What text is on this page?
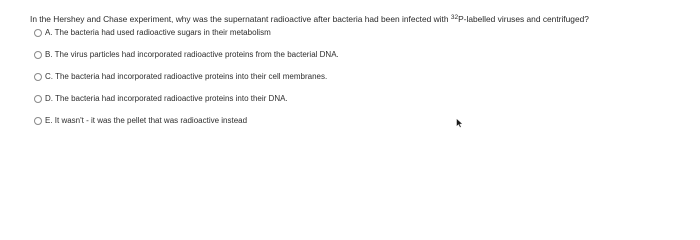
In the Hershey and Chase experiment, why was the supernatant radioactive after bacteria had been infected with $^{32}$P-labelled viruses and centrifuged?
A. The bacteria had used radioactive sugars in their metabolism
B. The virus particles had incorporated radioactive proteins from the bacterial DNA.
C. The bacteria had incorporated radioactive proteins into their cell membranes.
D. The bacteria had incorporated radioactive proteins into their DNA.
E. It wasn't - it was the pellet that was radioactive instead
